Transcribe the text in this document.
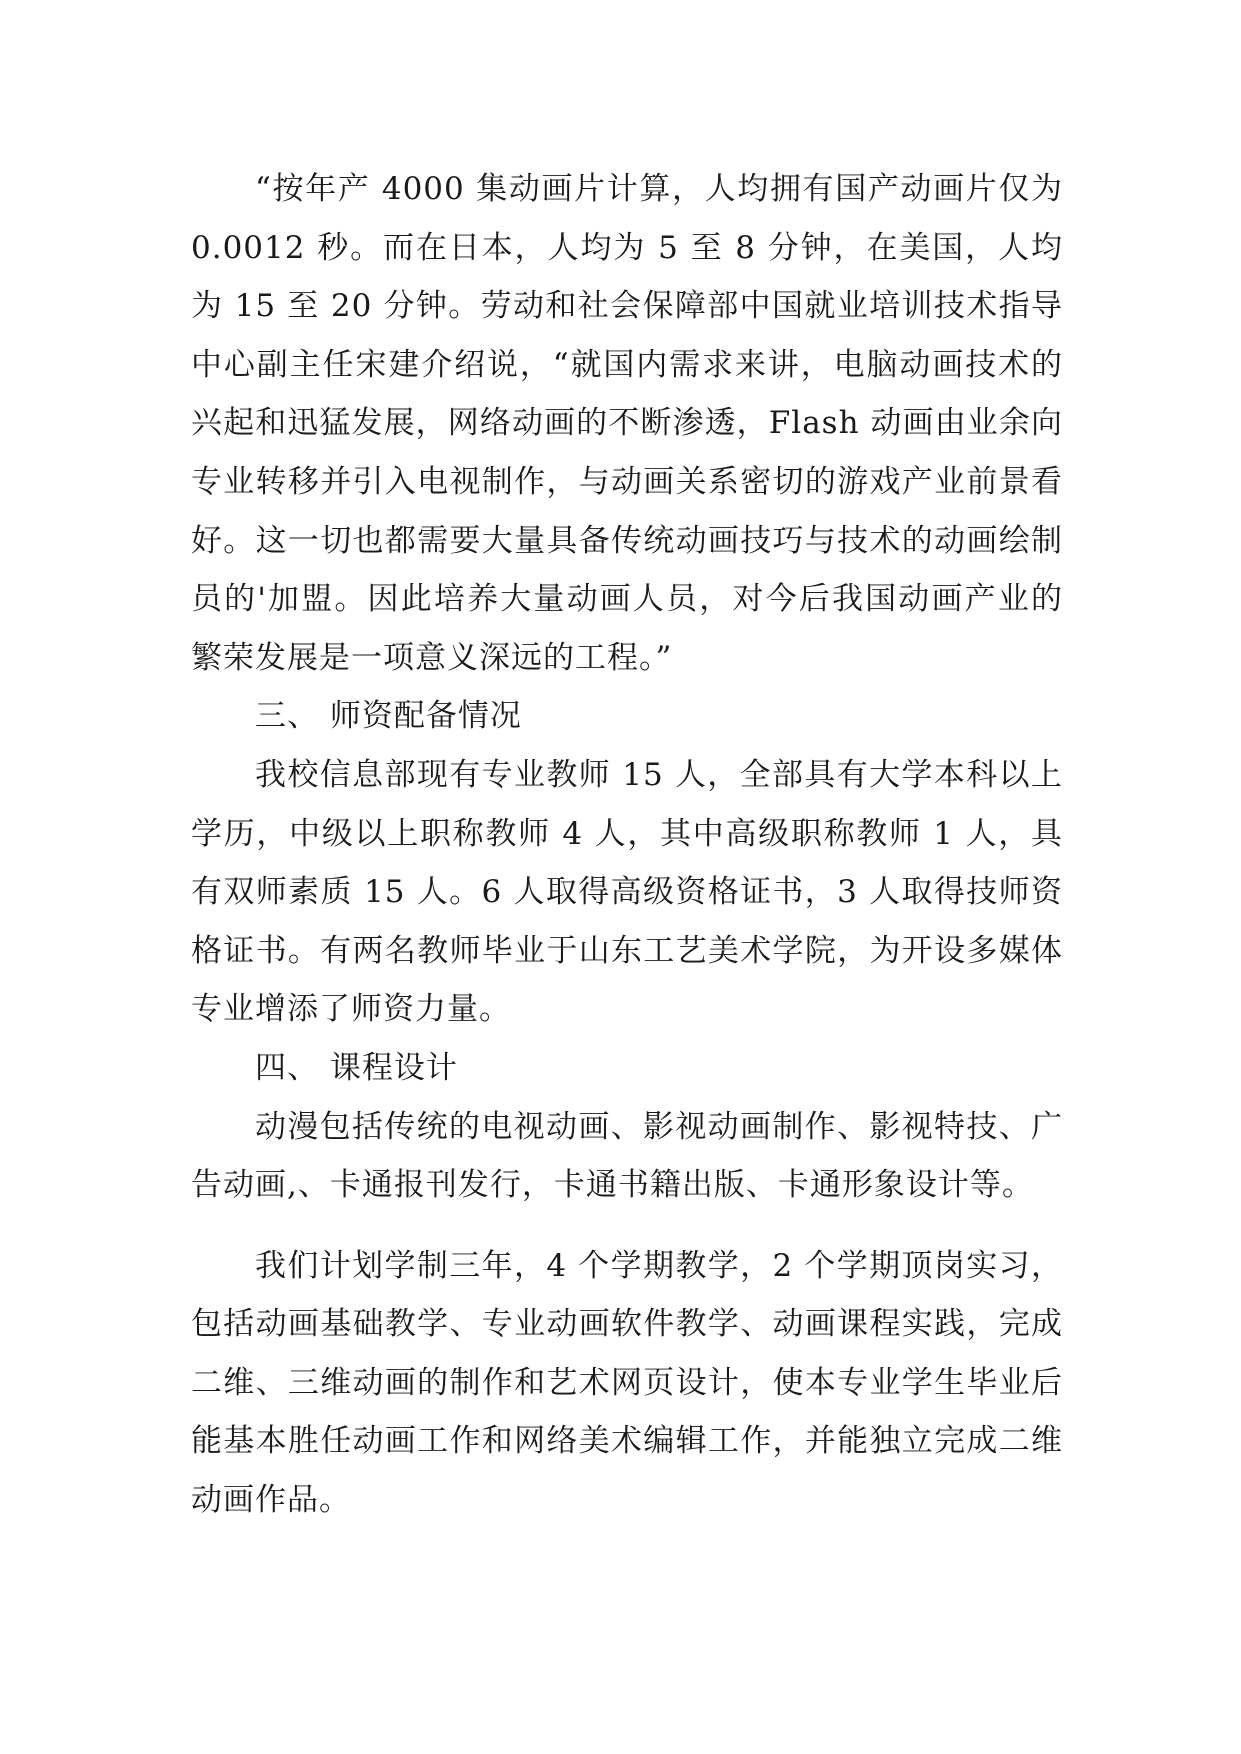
“按年产 4000 集动画片计算，人均拥有国产动画片仅为 0.0012 秒。而在日本，人均为 5 至 8 分钟，在美国，人均为 15 至 20 分钟。劳动和社会保障部中国就业培训技术指导中心副主任宋建介绍说，“就国内需求来讲，电脑动画技术的兴起和迅猛发展，网络动画的不断渗透，Flash 动画由业余向专业转移并引入电视制作，与动画关系密切的游戏产业前景看好。这一切也都需要大量具备传统动画技巧与技术的动画绘制员的'加盟。因此培养大量动画人员，对今后我国动画产业的繁荣发展是一项意义深远的工程。”

三、 师资配备情况

我校信息部现有专业教师 15 人，全部具有大学本科以上学历，中级以上职称教师 4 人，其中高级职称教师 1 人，具有双师素质 15 人。6 人取得高级资格证书，3 人取得技师资格证书。有两名教师毕业于山东工艺美术学院，为开设多媒体专业增添了师资力量。

四、 课程设计

动漫包括传统的电视动画、影视动画制作、影视特技、广告动画,、卡通报刊发行，卡通书籍出版、卡通形象设计等。

我们计划学制三年，4 个学期教学，2 个学期顶岗实习，包括动画基础教学、专业动画软件教学、动画课程实践，完成二维、三维动画的制作和艺术网页设计，使本专业学生毕业后能基本胜任动画工作和网络美术编辑工作，并能独立完成二维动画作品。
